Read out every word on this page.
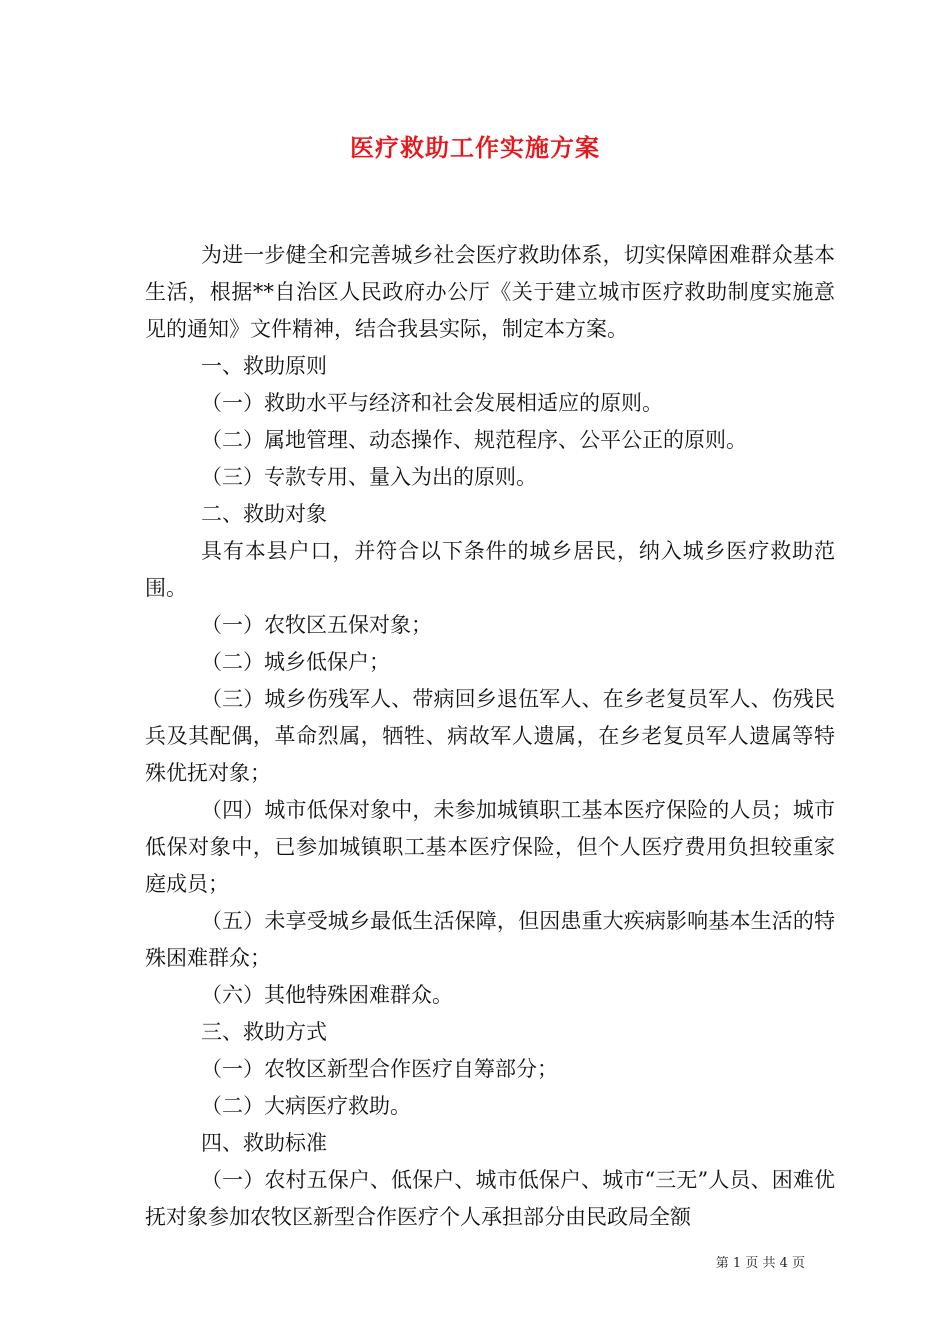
医疗救助工作实施方案

为进一步健全和完善城乡社会医疗救助体系，切实保障困难群众基本生活，根据**自治区人民政府办公厅《关于建立城市医疗救助制度实施意见的通知》文件精神，结合我县实际，制定本方案。

一、救助原则

（一）救助水平与经济和社会发展相适应的原则。

（二）属地管理、动态操作、规范程序、公平公正的原则。

（三）专款专用、量入为出的原则。

二、救助对象

具有本县户口，并符合以下条件的城乡居民，纳入城乡医疗救助范围。

（一）农牧区五保对象；

（二）城乡低保户；

（三）城乡伤残军人、带病回乡退伍军人、在乡老复员军人、伤残民兵及其配偶，革命烈属，牺牲、病故军人遗属，在乡老复员军人遗属等特殊优抚对象；

（四）城市低保对象中，未参加城镇职工基本医疗保险的人员；城市低保对象中，已参加城镇职工基本医疗保险，但个人医疗费用负担较重家庭成员；

（五）未享受城乡最低生活保障，但因患重大疾病影响基本生活的特殊困难群众；

（六）其他特殊困难群众。

三、救助方式

（一）农牧区新型合作医疗自筹部分；

（二）大病医疗救助。

四、救助标准

（一）农村五保户、低保户、城市低保户、城市“三无”人员、困难优抚对象参加农牧区新型合作医疗个人承担部分由民政局全额

第 1 页 共 4 页
